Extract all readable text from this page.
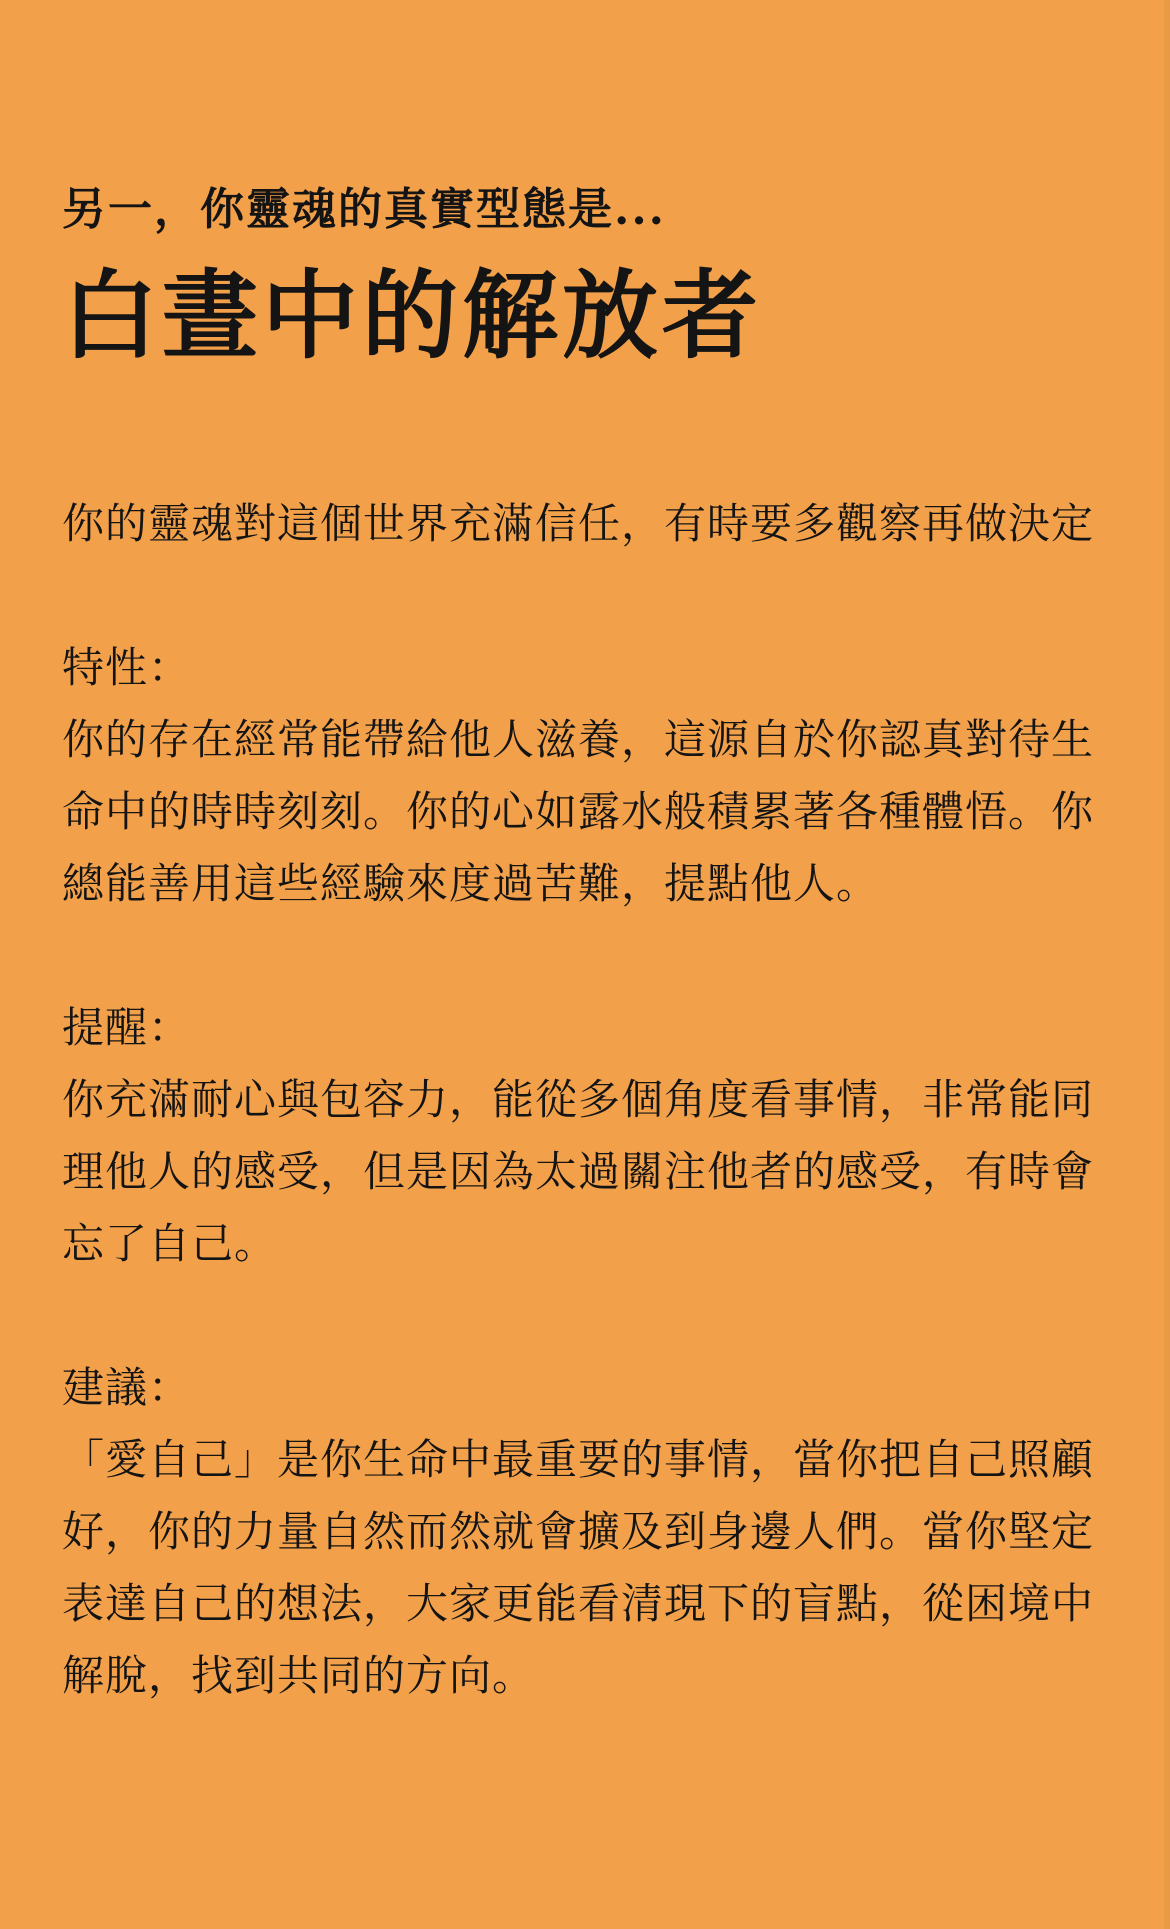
另一，你靈魂的真實型態是...
白晝中的解放者

你的靈魂對這個世界充滿信任，有時要多觀察再做決定

特性：

你的存在經常能帶給他人滋養，這源自於你認真對待生命中的時時刻刻。你的心如露水般積累著各種體悟。你總能善用這些經驗來度過苦難，提點他人。

提醒：

你充滿耐心與包容力，能從多個角度看事情，非常能同理他人的感受，但是因為太過關注他者的感受，有時會忘了自己。

建議：

「愛自己」是你生命中最重要的事情，當你把自己照顧好，你的力量自然而然就會擴及到身邊人們。當你堅定表達自己的想法，大家更能看清現下的盲點，從困境中解脫，找到共同的方向。
